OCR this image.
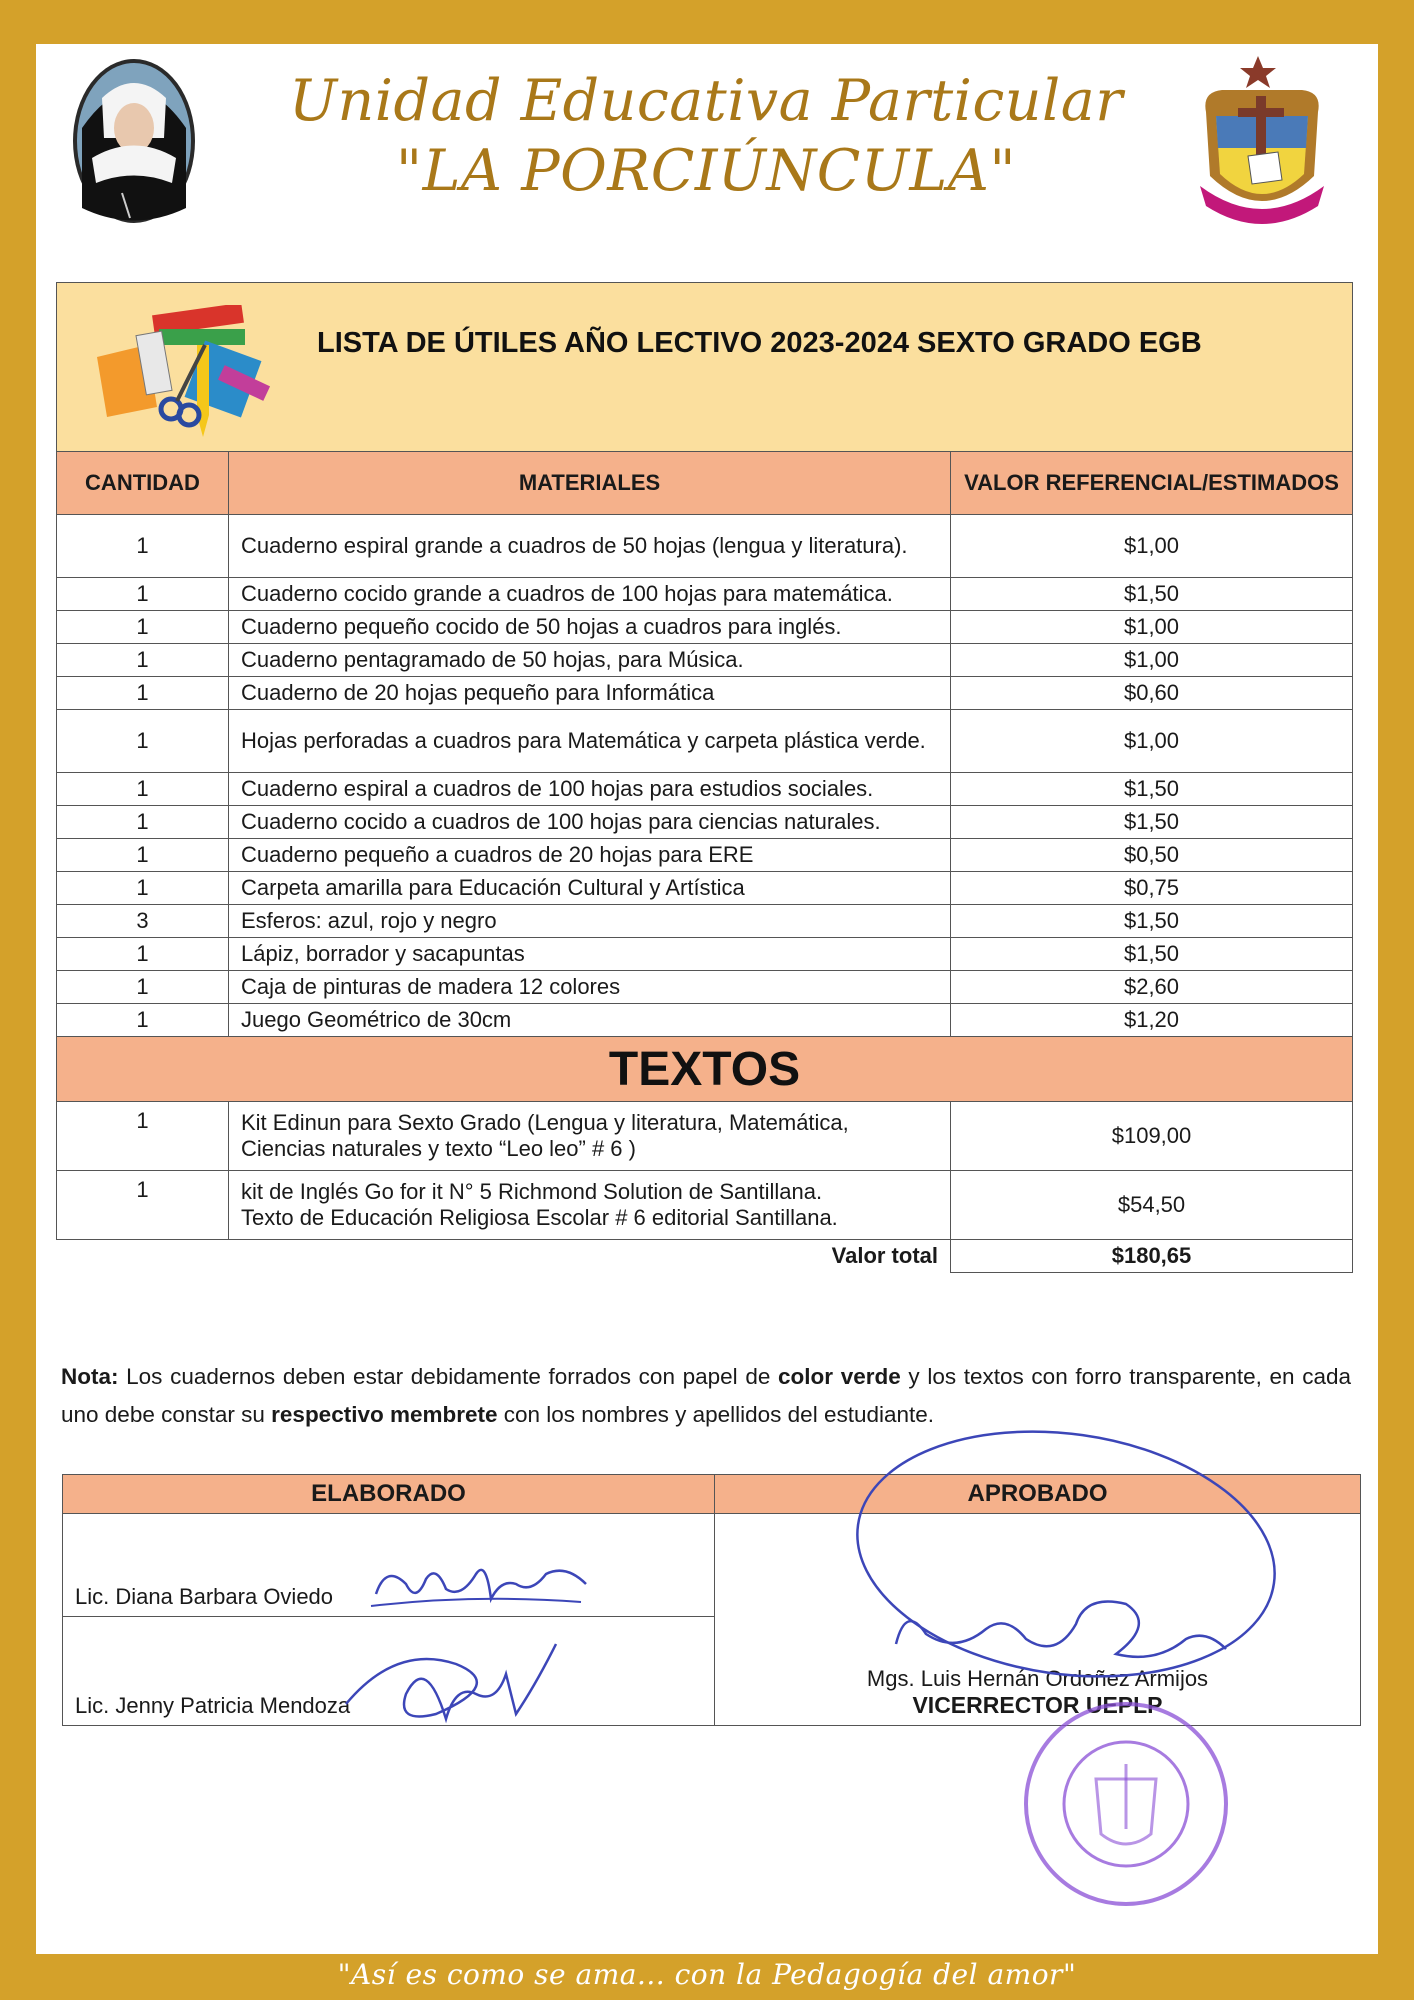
Unidad Educativa Particular
"LA PORCIÚNCULA"
LISTA DE ÚTILES AÑO LECTIVO 2023-2024 SEXTO GRADO EGB		

CANTIDAD	MATERIALES	VALOR REFERENCIAL/ESTIMADOS
1	Cuaderno espiral grande a cuadros de 50 hojas (lengua y literatura).	$1,00
1	Cuaderno cocido grande a cuadros de 100 hojas para matemática.	$1,50
1	Cuaderno pequeño cocido de 50 hojas a cuadros para inglés.	$1,00
1	Cuaderno pentagramado de 50 hojas, para Música.	$1,00
1	Cuaderno de 20 hojas pequeño para Informática	$0,60
1	Hojas perforadas a cuadros para Matemática y carpeta plástica verde.	$1,00
1	Cuaderno espiral a cuadros de 100 hojas para estudios sociales.	$1,50
1	Cuaderno cocido a cuadros de 100 hojas para ciencias naturales.	$1,50
1	Cuaderno pequeño a cuadros de 20 hojas para ERE	$0,50
1	Carpeta amarilla para Educación Cultural y Artística	$0,75
3	Esferos: azul, rojo y negro	$1,50
1	Lápiz, borrador y sacapuntas	$1,50
1	Caja de pinturas de madera 12 colores	$2,60
1	Juego Geométrico de 30cm	$1,20
TEXTOS		
1	Kit Edinun para Sexto Grado (Lengua y literatura, Matemática, Ciencias naturales y texto “Leo leo” # 6 )	$109,00
1	kit de Inglés Go for it N° 5 Richmond Solution de Santillana.
Texto de Educación Religiosa Escolar # 6 editorial Santillana.	$54,50
	Valor total	$180,65
Nota: Los cuadernos deben estar debidamente forrados con papel de color verde y los textos con forro transparente, en cada uno debe constar su respectivo membrete con los nombres y apellidos del estudiante.
ELABORADO	APROBADO
Lic. Diana Barbara Oviedo	Mgs. Luis Hernán Ordoñez Armijos
VICERRECTOR UEPLP

Lic. Jenny Patricia Mendoza	
"Así es como se ama... con la Pedagogía del amor"
